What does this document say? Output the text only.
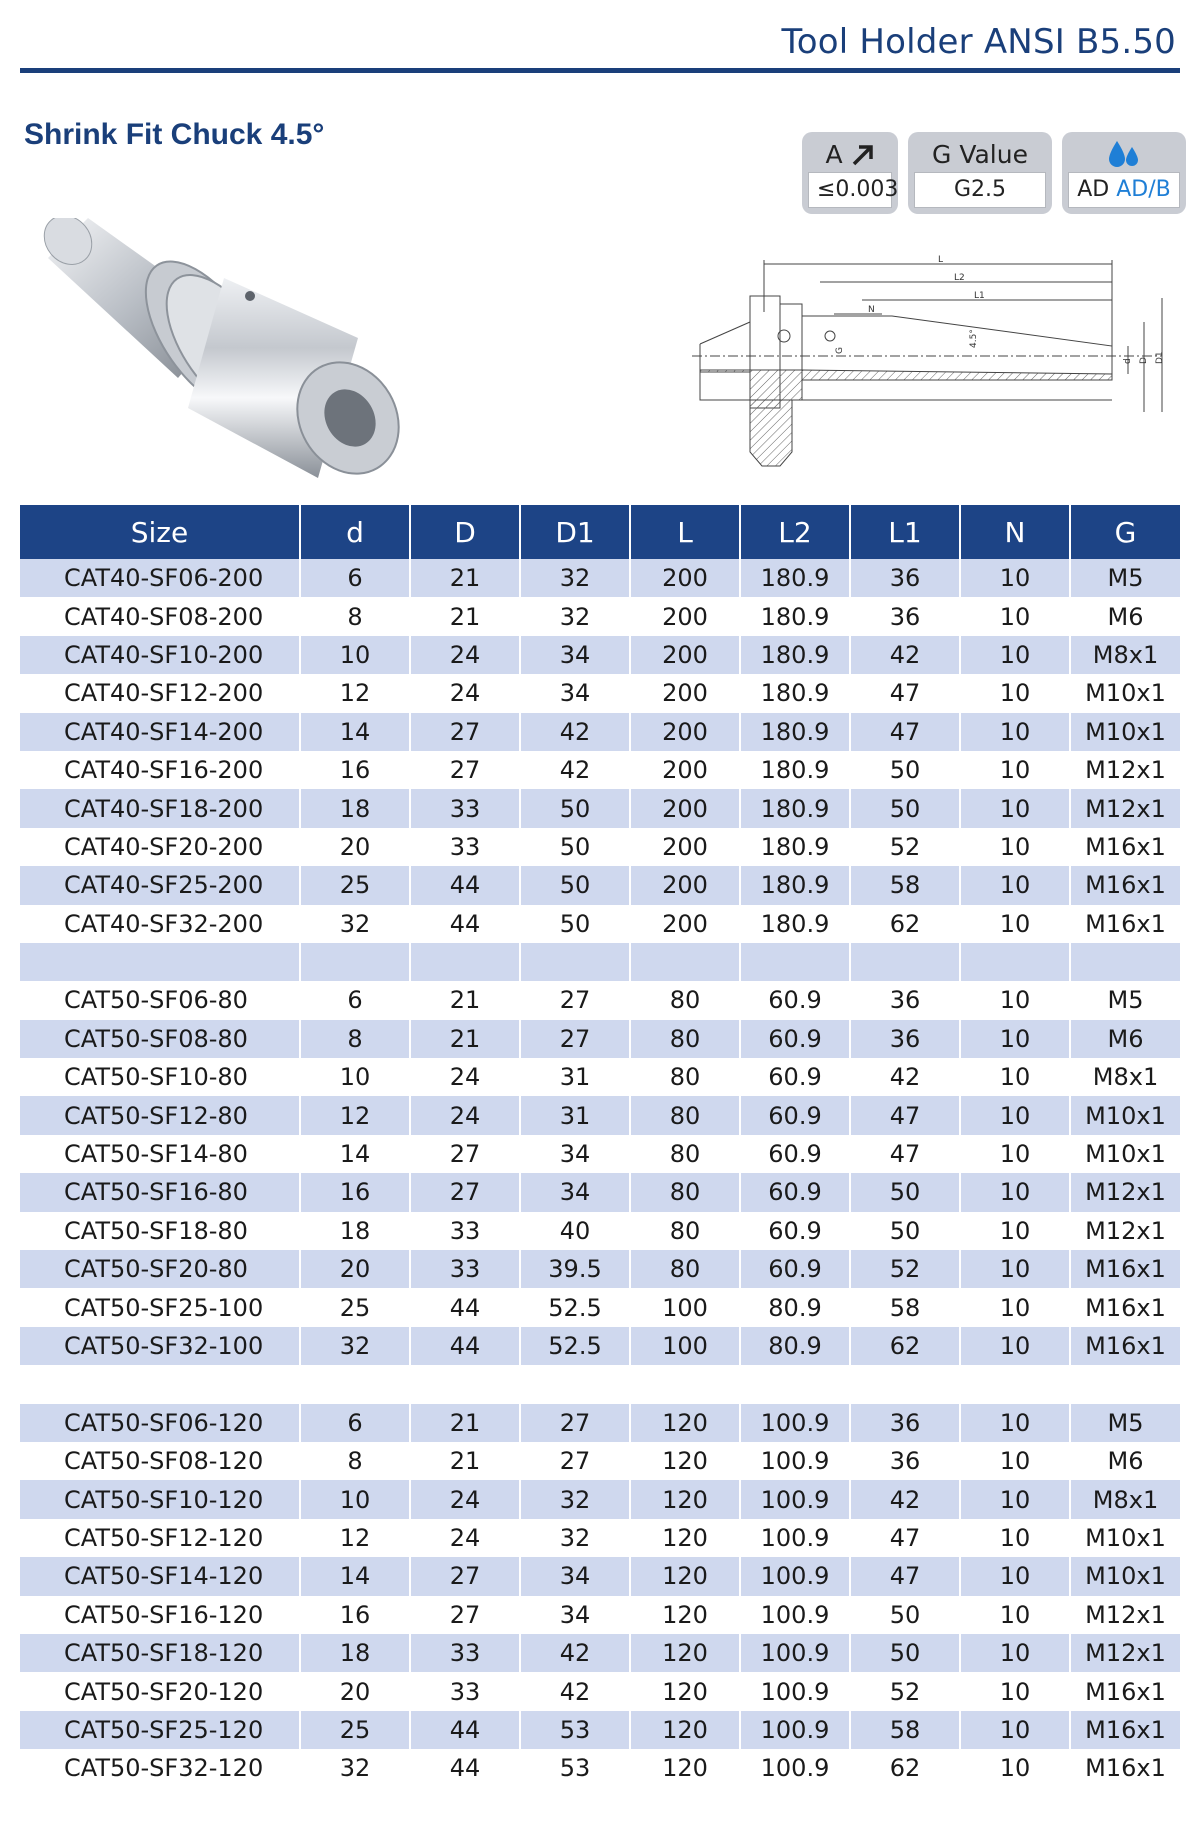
Tool Holder ANSI B5.50
Shrink Fit Chuck 4.5°
A
≤0.003
G Value
G2.5	AD AD/B
L
L2
L1
N
G
4.5°
d D D1
Size	d	D	D1	L	L2	L1	N	G
CAT40-SF06-200	6	21	32	200	180.9	36	10	M5
CAT40-SF08-200	8	21	32	200	180.9	36	10	M6
CAT40-SF10-200	10	24	34	200	180.9	42	10	M8x1
CAT40-SF12-200	12	24	34	200	180.9	47	10	M10x1
CAT40-SF14-200	14	27	42	200	180.9	47	10	M10x1
CAT40-SF16-200	16	27	42	200	180.9	50	10	M12x1
CAT40-SF18-200	18	33	50	200	180.9	50	10	M12x1
CAT40-SF20-200	20	33	50	200	180.9	52	10	M16x1
CAT40-SF25-200	25	44	50	200	180.9	58	10	M16x1
CAT40-SF32-200	32	44	50	200	180.9	62	10	M16x1

CAT50-SF06-80	6	21	27	80	60.9	36	10	M5
CAT50-SF08-80	8	21	27	80	60.9	36	10	M6
CAT50-SF10-80	10	24	31	80	60.9	42	10	M8x1
CAT50-SF12-80	12	24	31	80	60.9	47	10	M10x1
CAT50-SF14-80	14	27	34	80	60.9	47	10	M10x1
CAT50-SF16-80	16	27	34	80	60.9	50	10	M12x1
CAT50-SF18-80	18	33	40	80	60.9	50	10	M12x1
CAT50-SF20-80	20	33	39.5	80	60.9	52	10	M16x1
CAT50-SF25-100	25	44	52.5	100	80.9	58	10	M16x1
CAT50-SF32-100	32	44	52.5	100	80.9	62	10	M16x1

CAT50-SF06-120	6	21	27	120	100.9	36	10	M5
CAT50-SF08-120	8	21	27	120	100.9	36	10	M6
CAT50-SF10-120	10	24	32	120	100.9	42	10	M8x1
CAT50-SF12-120	12	24	32	120	100.9	47	10	M10x1
CAT50-SF14-120	14	27	34	120	100.9	47	10	M10x1
CAT50-SF16-120	16	27	34	120	100.9	50	10	M12x1
CAT50-SF18-120	18	33	42	120	100.9	50	10	M12x1
CAT50-SF20-120	20	33	42	120	100.9	52	10	M16x1
CAT50-SF25-120	25	44	53	120	100.9	58	10	M16x1
CAT50-SF32-120	32	44	53	120	100.9	62	10	M16x1
